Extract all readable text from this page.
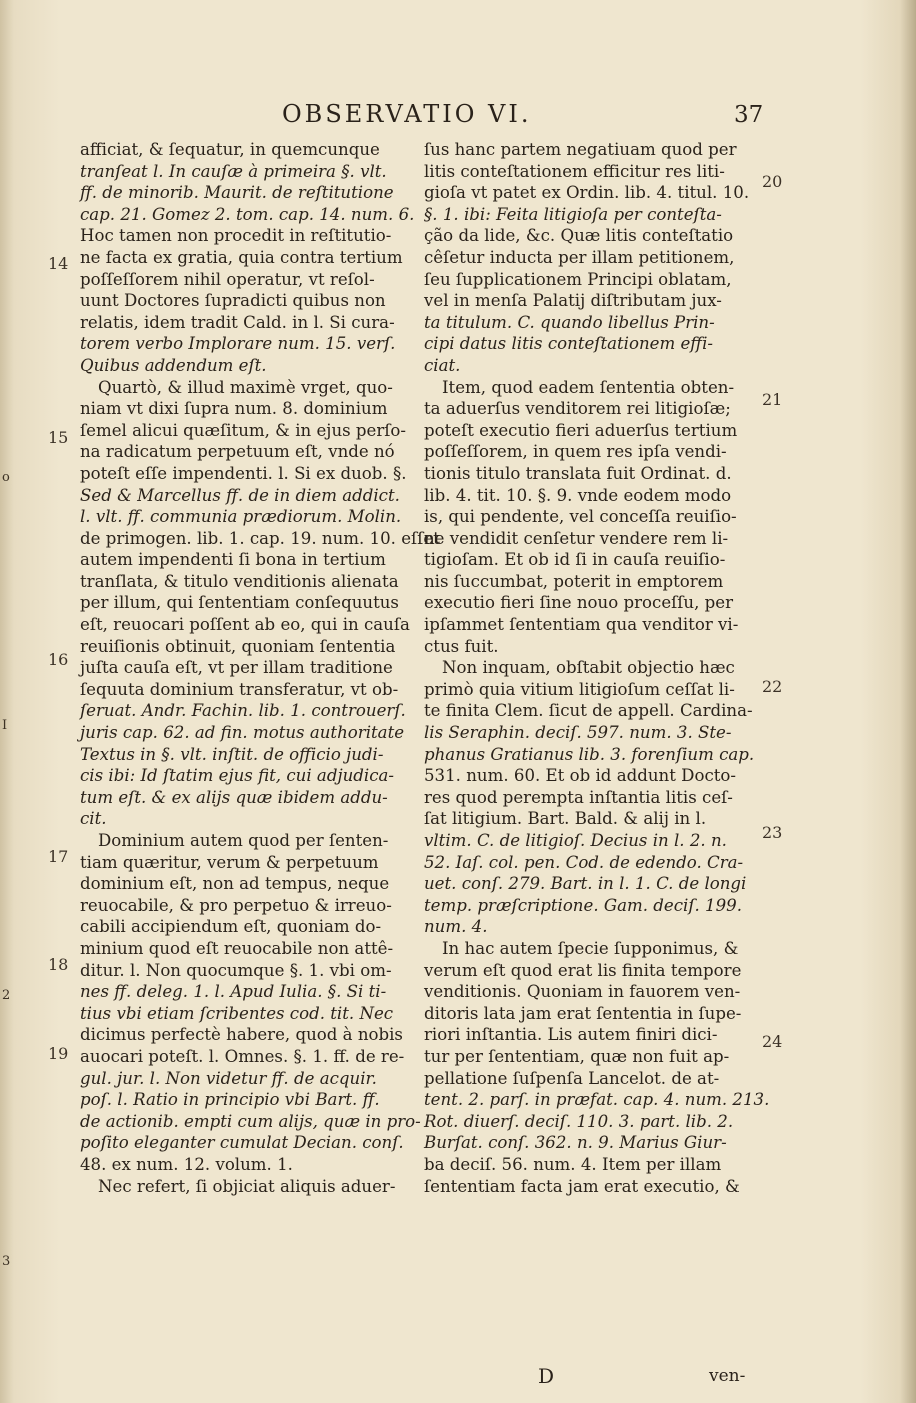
OBSERVATIO VI.	37
afficiat, & ſequatur, in quemcunque
tranſeat l. In cauſæ à primeira §. vlt.
ff. de minorib. Maurit. de reſtitutione
cap. 21. Gomez 2. tom. cap. 14. num. 6.
Hoc tamen non procedit in reſtitutio-
ne facta ex gratia, quia contra tertium
poſſeſſorem nihil operatur, vt reſol-
uunt Doctores ſupradicti quibus non
relatis, idem tradit Cald. in l. Si cura-
torem verbo Implorare num. 15. verſ.
Quibus addendum eſt.
Quartò, & illud maximè vrget, quo-
niam vt dixi ſupra num. 8. dominium
ſemel alicui quæſitum, & in ejus perſo-
na radicatum perpetuum eſt, vnde nó
poteſt eſſe impendenti. l. Si ex duob. §.
Sed & Marcellus ff. de in diem addict.
l. vlt. ff. communia prædiorum. Molin.
de primogen. lib. 1. cap. 19. num. 10. eſſet
autem impendenti ſi bona in tertium
tranſlata, & titulo venditionis alienata
per illum, qui ſententiam conſequutus
eſt, reuocari poſſent ab eo, qui in cauſa
reuiſionis obtinuit, quoniam ſententia
juſta cauſa eſt, vt per illam traditione
ſequuta dominium transferatur, vt ob-
ſeruat. Andr. Fachin. lib. 1. controuerſ.
juris cap. 62. ad fin. motus authoritate
Textus in §. vlt. inſtit. de officio judi-
cis ibi: Id ſtatim ejus fit, cui adjudica-
tum eſt. & ex alijs quæ ibidem addu-
cit.
Dominium autem quod per ſenten-
tiam quæritur, verum & perpetuum
dominium eſt, non ad tempus, neque
reuocabile, & pro perpetuo & irreuo-
cabili accipiendum eſt, quoniam do-
minium quod eſt reuocabile non attê-
ditur. l. Non quocumque §. 1. vbi om-
nes ff. deleg. 1. l. Apud Iulia. §. Si ti-
tius vbi etiam ſcribentes cod. tit. Nec
dicimus perfectè habere, quod à nobis
auocari poteſt. l. Omnes. §. 1. ff. de re-
gul. jur. l. Non videtur ff. de acquir.
poſ. l. Ratio in principio vbi Bart. ff.
de actionib. empti cum alijs, quæ in pro-
poſito eleganter cumulat Decian. conſ.
48. ex num. 12. volum. 1.
Nec refert, ſi objiciat aliquis aduer-
ſus hanc partem negatiuam quod per
litis conteſtationem efficitur res liti-
gioſa vt patet ex Ordin. lib. 4. titul. 10.
§. 1. ibi: Feita litigioſa per conteſta-
ção da lide, &c. Quæ litis conteſtatio
cêſetur inducta per illam petitionem,
ſeu ſupplicationem Principi oblatam,
vel in menſa Palatij diſtributam jux-
ta titulum. C. quando libellus Prin-
cipi datus litis conteſtationem effi-
ciat.
Item, quod eadem ſententia obten-
ta aduerſus venditorem rei litigioſæ;
poteſt executio fieri aduerſus tertium
poſſeſſorem, in quem res ipſa vendi-
tionis titulo translata fuit Ordinat. d.
lib. 4. tit. 10. §. 9. vnde eodem modo
is, qui pendente, vel conceſſa reuiſio-
ne vendidit cenſetur vendere rem li-
tigioſam. Et ob id ſi in cauſa reuiſio-
nis ſuccumbat, poterit in emptorem
executio fieri ſine nouo proceſſu, per
ipſammet ſententiam qua venditor vi-
ctus fuit.
Non inquam, obſtabit objectio hæc
primò quia vitium litigioſum ceſſat li-
te finita Clem. ſicut de appell. Cardina-
lis Seraphin. deciſ. 597. num. 3. Ste-
phanus Gratianus lib. 3. forenſium cap.
531. num. 60. Et ob id addunt Docto-
res quod perempta inſtantia litis ceſ-
ſat litigium. Bart. Bald. & alij in l.
vltim. C. de litigioſ. Decius in l. 2. n.
52. Iaſ. col. pen. Cod. de edendo. Cra-
uet. conſ. 279. Bart. in l. 1. C. de longi
temp. præſcriptione. Gam. deciſ. 199.
num. 4.
In hac autem ſpecie ſupponimus, &
verum eſt quod erat lis finita tempore
venditionis. Quoniam in fauorem ven-
ditoris lata jam erat ſententia in ſupe-
riori inſtantia. Lis autem finiri dici-
tur per ſententiam, quæ non fuit ap-
pellatione ſuſpenſa Lancelot. de at-
tent. 2. parſ. in præfat. cap. 4. num. 213.
Rot. diuerſ. deciſ. 110. 3. part. lib. 2.
Burſat. conſ. 362. n. 9. Marius Giur-
ba deciſ. 56. num. 4. Item per illam
ſententiam facta jam erat executio, &
14
15
16
17
18
19
20
21
22
23
24
o
I
2
3
D	ven-
